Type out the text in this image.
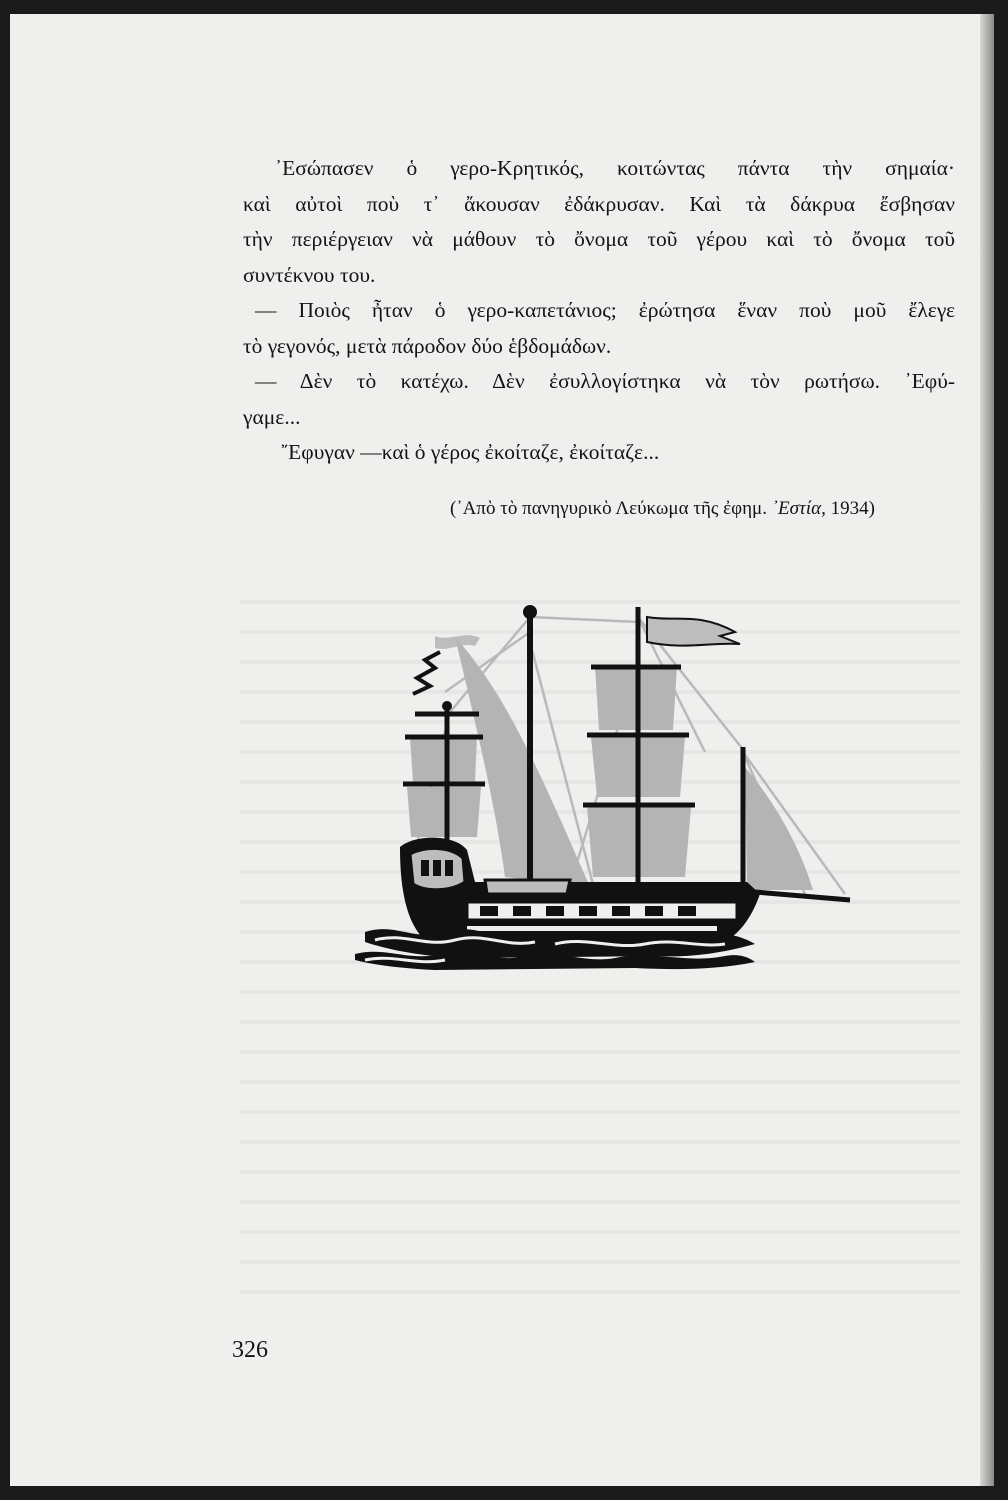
᾿Εσώπασεν ὁ γερο-Κρητικός, κοιτώντας πάντα τὴν σημαία·
καὶ αὐτοὶ ποὺ τ᾿ ἄκουσαν ἐδάκρυσαν. Καὶ τὰ δάκρυα ἔσβησαν
τὴν περιέργειαν νὰ μάθουν τὸ ὄνομα τοῦ γέρου καὶ τὸ ὄνομα τοῦ
συντέκνου του.

— Ποιὸς ἦταν ὁ γερο-καπετάνιος; ἐρώτησα ἕναν ποὺ μοῦ ἔλεγε
τὸ γεγονός, μετὰ πάροδον δύο ἑβδομάδων.

— Δὲν τὸ κατέχω. Δὲν ἐσυλλογίστηκα νὰ τὸν ρωτήσω. ᾿Εφύ-
γαμε...

῎Εφυγαν —καὶ ὁ γέρος ἐκοίταζε, ἐκοίταζε...

(᾿Απὸ τὸ πανηγυρικὸ Λεύκωμα τῆς ἐφημ. ᾿Εστία, 1934)
326
